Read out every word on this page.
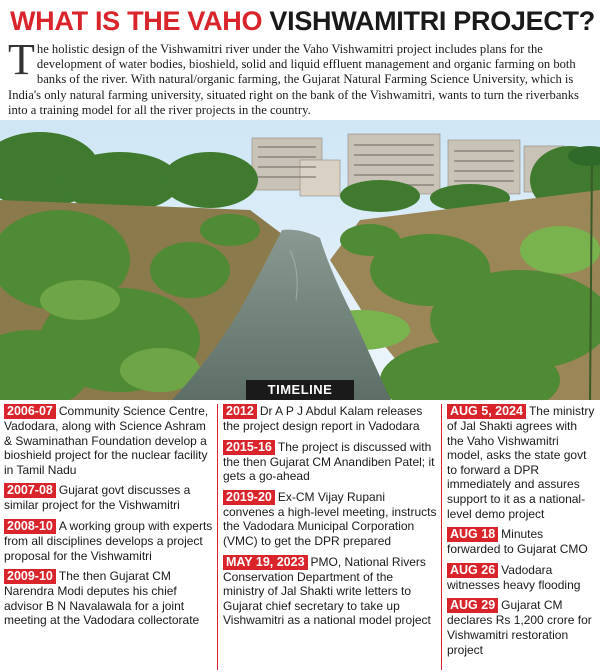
WHAT IS THE VAHO VISHWAMITRI PROJECT?
The holistic design of the Vishwamitri river under the Vaho Vishwamitri project includes plans for the development of water bodies, bioshield, solid and liquid effluent management and organic farming on both banks of the river. With natural/organic farming, the Gujarat Natural Farming Science University, which is India's only natural farming university, situated right on the bank of the Vishwamitri, wants to turn the riverbanks into a training model for all the river projects in the country.
TIMELINE
2006-07 Community Science Centre, Vadodara, along with Science Ashram & Swaminathan Foundation develop a bioshield project for the nuclear facility in Tamil Nadu
2007-08 Gujarat govt discusses a similar project for the Vishwamitri
2008-10 A working group with experts from all disciplines develops a project proposal for the Vishwamitri
2009-10 The then Gujarat CM Narendra Modi deputes his chief advisor B N Navalawala for a joint meeting at the Vadodara collectorate
2012 Dr A P J Abdul Kalam releases the project design report in Vadodara
2015-16 The project is discussed with the then Gujarat CM Anandiben Patel; it gets a go-ahead
2019-20 Ex-CM Vijay Rupani convenes a high-level meeting, instructs the Vadodara Municipal Corporation (VMC) to get the DPR prepared
MAY 19, 2023 PMO, National Rivers Conservation Department of the ministry of Jal Shakti write letters to Gujarat chief secretary to take up Vishwamitri as a national model project
AUG 5, 2024 The ministry of Jal Shakti agrees with the Vaho Vishwamitri model, asks the state govt to forward a DPR immediately and assures support to it as a national-level demo project
AUG 18 Minutes forwarded to Gujarat CMO
AUG 26 Vadodara witnesses heavy flooding
AUG 29 Gujarat CM declares Rs 1,200 crore for Vishwamitri restoration project
